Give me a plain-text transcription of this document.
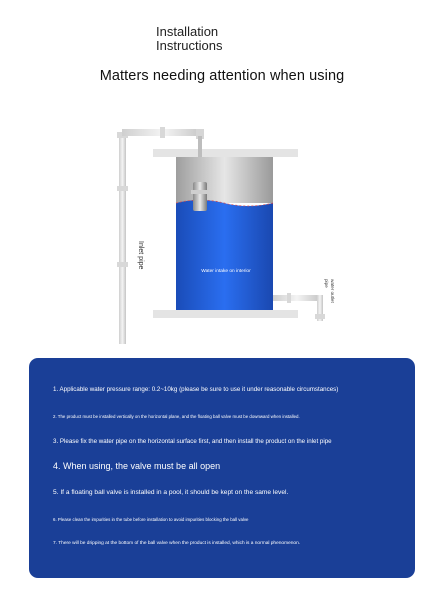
Installation
Instructions
Matters needing attention when using
Inlet pipe
Water intake on interior
water outlet
pipe
1. Applicable water pressure range: 0.2~10kg (please be sure to use it under reasonable circumstances)
2. The product must be installed vertically on the horizontal plane, and the floating ball valve must be downward when installed.
3. Please fix the water pipe on the horizontal surface first, and then install the product on the inlet pipe
4. When using, the valve must be all open
5. If a floating ball valve is installed in a pool, it should be kept on the same level.
6. Please clean the impurities in the tube before installation to avoid impurities blocking the ball valve
7. There will be dripping at the bottom of the ball valve when the product is installed, which is a normal phenomenon.
